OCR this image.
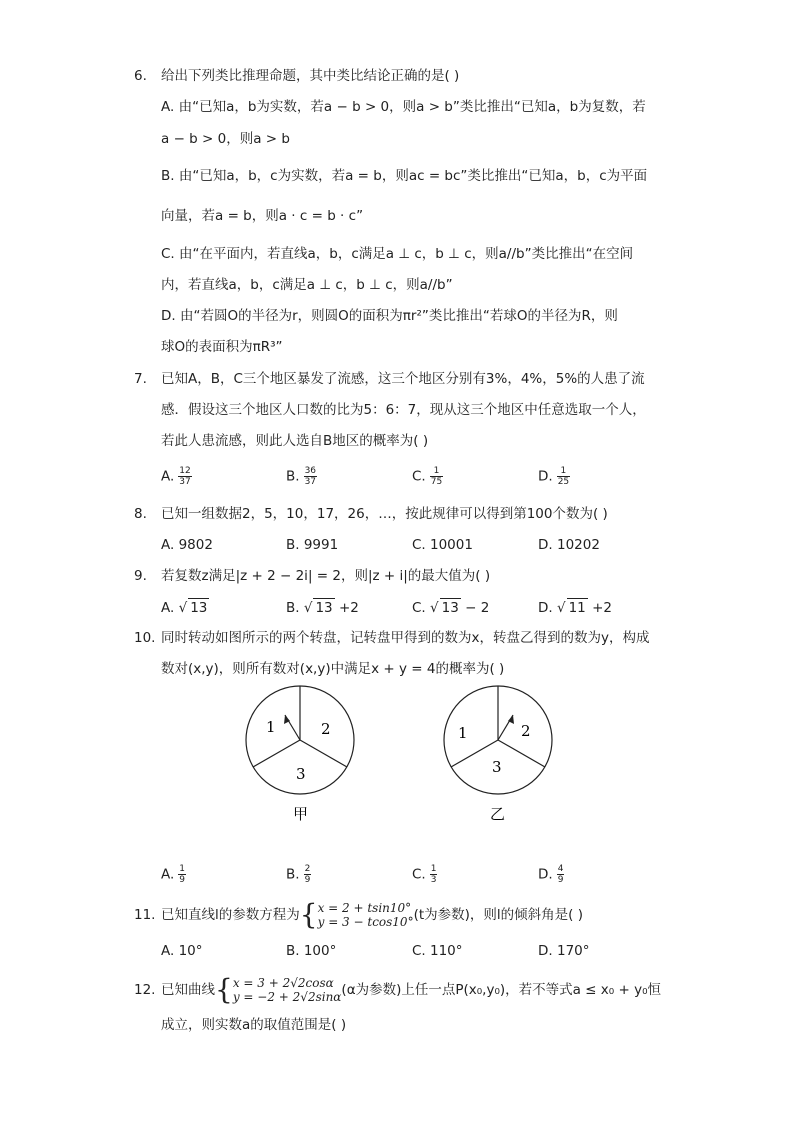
6. 给出下列类比推理命题，其中类比结论正确的是( )
A. 由“已知a，b为实数，若a − b > 0，则a > b”类比推出“已知a，b为复数，若
a − b > 0，则a > b
B. 由“已知a，b，c为实数，若a = b，则ac = bc”类比推出“已知a，b，c为平面
向量，若a = b，则a · c = b · c”
C. 由“在平面内，若直线a，b，c满足a ⊥ c，b ⊥ c，则a//b”类比推出“在空间
内，若直线a，b，c满足a ⊥ c，b ⊥ c，则a//b”
D. 由“若圆O的半径为r，则圆O的面积为πr²”类比推出“若球O的半径为R，则
球O的表面积为πR³”
7. 已知A，B，C三个地区暴发了流感，这三个地区分别有3%，4%，5%的人患了流
感．假设这三个地区人口数的比为5：6：7，现从这三个地区中任意选取一个人，
若此人患流感，则此人选自B地区的概率为( )
A. $\frac{12}{37}$	B. $\frac{36}{37}$	C. $\frac{1}{75}$	D. $\frac{1}{25}$
8. 已知一组数据2，5，10，17，26，…，按此规律可以得到第100个数为( )
A. 9802	B. 9991	C. 10001	D. 10202
9. 若复数z满足|z + 2 − 2i| = 2，则|z + i|的最大值为( )
A. √ 13	B. √ 13 +2	C. √ 13 − 2	D. √ 11 +2
10. 同时转动如图所示的两个转盘，记转盘甲得到的数为x，转盘乙得到的数为y，构成
数对(x,y)，则所有数对(x,y)中满足x + y = 4的概率为( )
1	2
3
甲
1	2
3
乙
A. $\frac{1}{9}$	B. $\frac{2}{9}$	C. $\frac{1}{3}$	D. $\frac{4}{9}$
11. 已知直线l的参数方程为{ x = 2 + tsin10°
y = 3 − tcos10° (t为参数)，则l的倾斜角是( )
A. 10°	B. 100°	C. 110°	D. 170°
12. 已知曲线{ x = 3 + 2√2cosα
y = −2 + 2√2sinα (α为参数)上任一点P(x₀,y₀)，若不等式a ≤ x₀ + y₀恒
成立，则实数a的取值范围是( )
